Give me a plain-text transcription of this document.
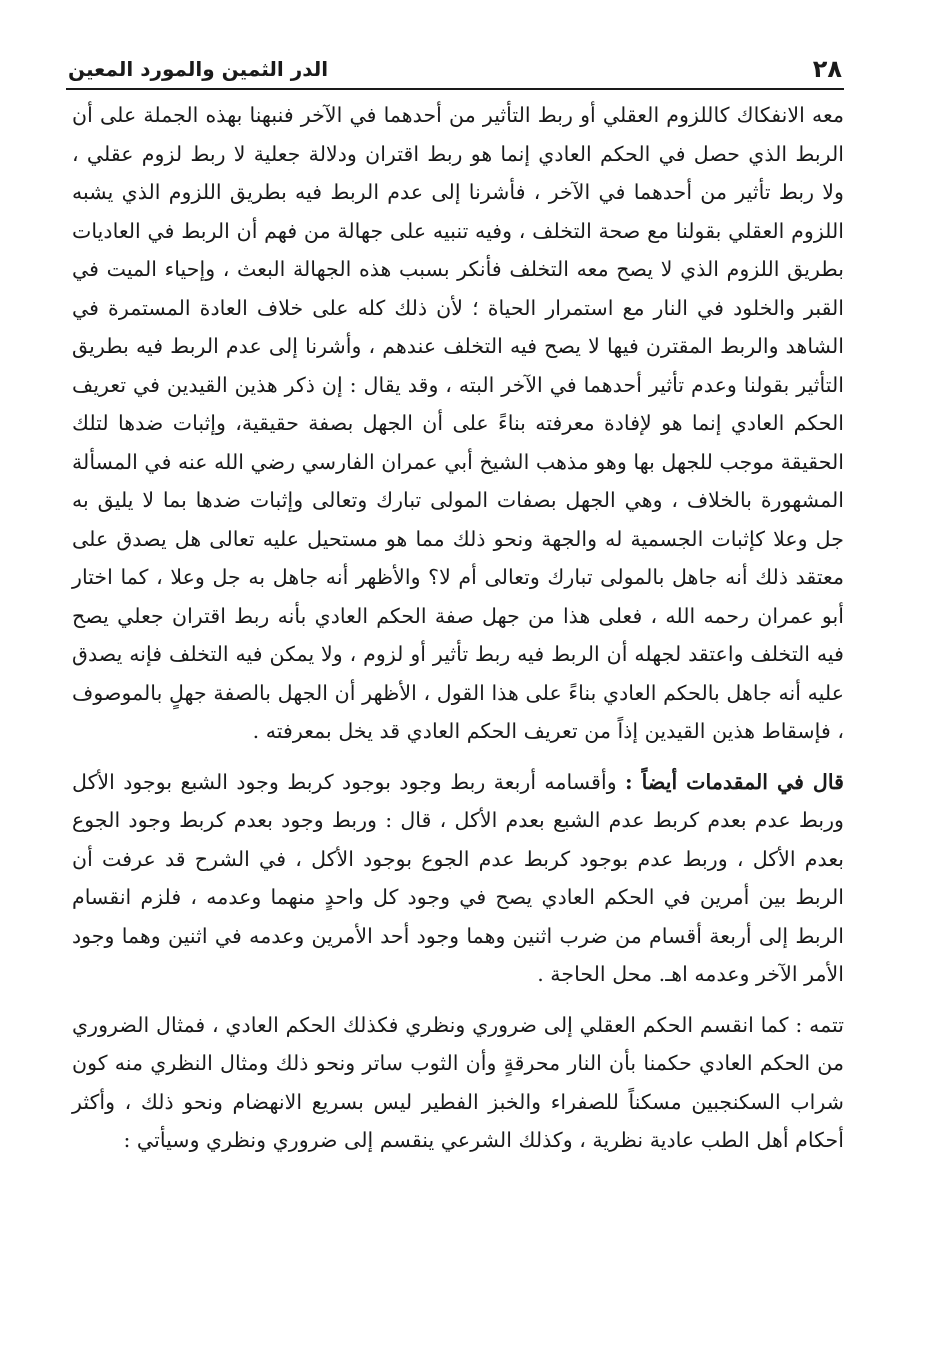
٢٨
الدر الثمين والمورد المعين

معه الانفكاك كاللزوم العقلي أو ربط التأثير من أحدهما في الآخر فنبهنا بهذه الجملة على أن الربط الذي حصل في الحكم العادي إنما هو ربط اقتران ودلالة جعلية لا ربط لزوم عقلي ، ولا ربط تأثير من أحدهما في الآخر ، فأشرنا إلى عدم الربط فيه بطريق اللزوم الذي يشبه اللزوم العقلي بقولنا مع صحة التخلف ، وفيه تنبيه على جهالة من فهم أن الربط في العاديات بطريق اللزوم الذي لا يصح معه التخلف فأنكر بسبب هذه الجهالة البعث ، وإحياء الميت في القبر والخلود في النار مع استمرار الحياة ؛ لأن ذلك كله على خلاف العادة المستمرة في الشاهد والربط المقترن فيها لا يصح فيه التخلف عندهم ، وأشرنا إلى عدم الربط فيه بطريق التأثير بقولنا وعدم تأثير أحدهما في الآخر البته ، وقد يقال : إن ذكر هذين القيدين في تعريف الحكم العادي إنما هو لإفادة معرفته بناءً على أن الجهل بصفة حقيقية، وإثبات ضدها لتلك الحقيقة موجب للجهل بها وهو مذهب الشيخ أبي عمران الفارسي رضي الله عنه في المسألة المشهورة بالخلاف ، وهي الجهل بصفات المولى تبارك وتعالى وإثبات ضدها بما لا يليق به جل وعلا كإثبات الجسمية له والجهة ونحو ذلك مما هو مستحيل عليه تعالى هل يصدق على معتقد ذلك أنه جاهل بالمولى تبارك وتعالى أم لا؟ والأظهر أنه جاهل به جل وعلا ، كما اختار أبو عمران رحمه الله ، فعلى هذا من جهل صفة الحكم العادي بأنه ربط اقتران جعلي يصح فيه التخلف واعتقد لجهله أن الربط فيه ربط تأثير أو لزوم ، ولا يمكن فيه التخلف فإنه يصدق عليه أنه جاهل بالحكم العادي بناءً على هذا القول ، الأظهر أن الجهل بالصفة جهلٍ بالموصوف ، فإسقاط هذين القيدين إذاً من تعريف الحكم العادي قد يخل بمعرفته .

قال في المقدمات أيضاً : وأقسامه أربعة ربط وجود بوجود كربط وجود الشبع بوجود الأكل وربط عدم بعدم كربط عدم الشبع بعدم الأكل ، قال : وربط وجود بعدم كربط وجود الجوع بعدم الأكل ، وربط عدم بوجود كربط عدم الجوع بوجود الأكل ، في الشرح قد عرفت أن الربط بين أمرين في الحكم العادي يصح في وجود كل واحدٍ منهما وعدمه ، فلزم انقسام الربط إلى أربعة أقسام من ضرب اثنين وهما وجود أحد الأمرين وعدمه في اثنين وهما وجود الأمر الآخر وعدمه اهـ. محل الحاجة .

تتمه : كما انقسم الحكم العقلي إلى ضروري ونظري فكذلك الحكم العادي ، فمثال الضروري من الحكم العادي حكمنا بأن النار محرقةٍ وأن الثوب ساتر ونحو ذلك ومثال النظري منه كون شراب السكنجبين مسكناً للصفراء والخبز الفطير ليس بسريع الانهضام ونحو ذلك ، وأكثر أحكام أهل الطب عادية نظرية ، وكذلك الشرعي ينقسم إلى ضروري ونظري وسيأتي :
